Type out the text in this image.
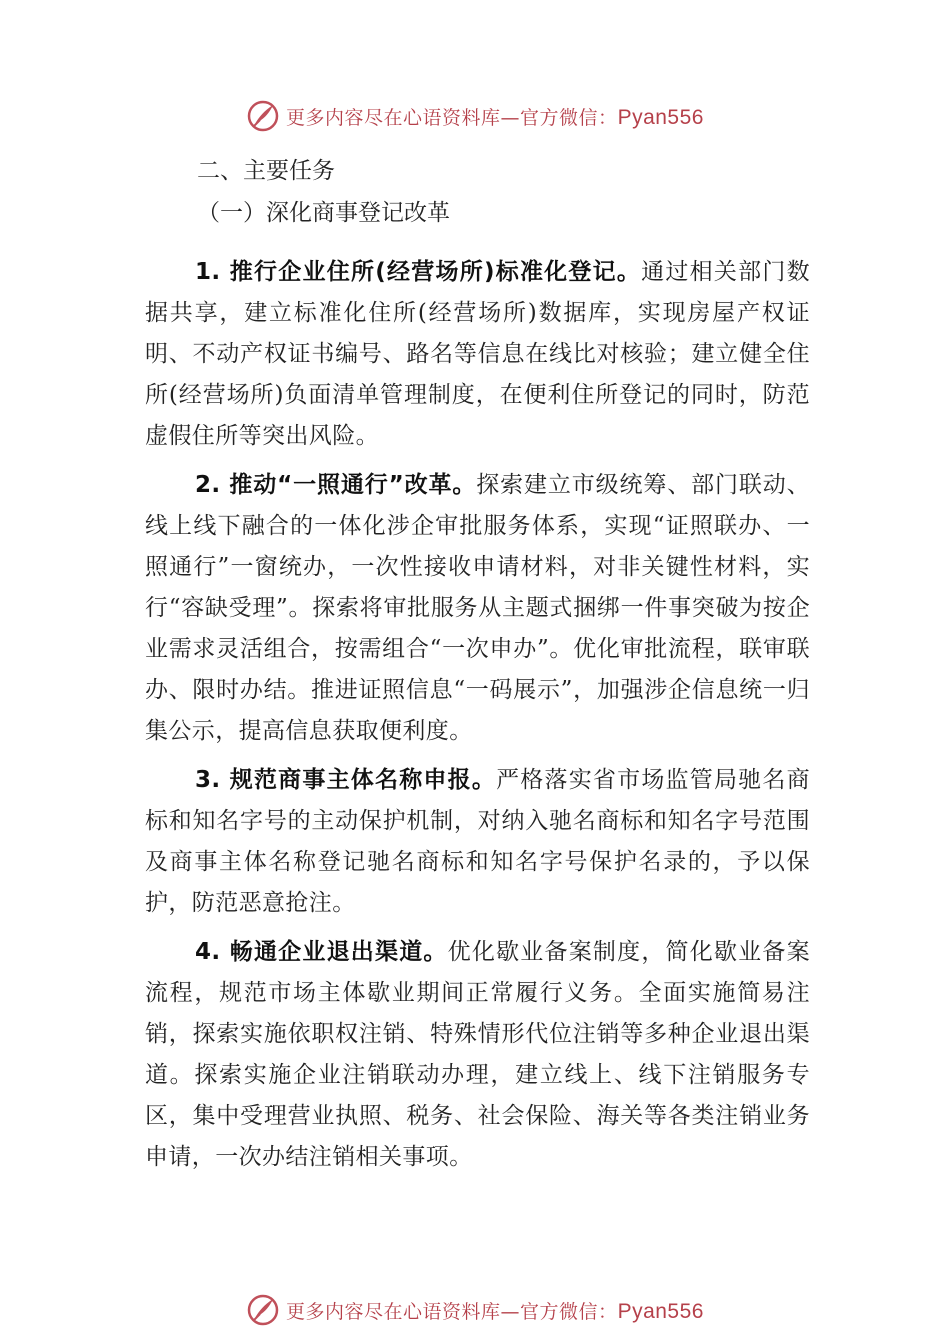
更多内容尽在心语资料库—官方微信：Pyan556

二、主要任务

（一）深化商事登记改革

1. 推行企业住所(经营场所)标准化登记。通过相关部门数据共享，建立标准化住所(经营场所)数据库，实现房屋产权证明、不动产权证书编号、路名等信息在线比对核验；建立健全住所(经营场所)负面清单管理制度，在便利住所登记的同时，防范虚假住所等突出风险。

2. 推动“一照通行”改革。探索建立市级统筹、部门联动、线上线下融合的一体化涉企审批服务体系，实现“证照联办、一照通行”一窗统办，一次性接收申请材料，对非关键性材料，实行“容缺受理”。探索将审批服务从主题式捆绑一件事突破为按企业需求灵活组合，按需组合“一次申办”。优化审批流程，联审联办、限时办结。推进证照信息“一码展示”，加强涉企信息统一归集公示，提高信息获取便利度。

3. 规范商事主体名称申报。严格落实省市场监管局驰名商标和知名字号的主动保护机制，对纳入驰名商标和知名字号范围及商事主体名称登记驰名商标和知名字号保护名录的，予以保护，防范恶意抢注。

4. 畅通企业退出渠道。优化歇业备案制度，简化歇业备案流程，规范市场主体歇业期间正常履行义务。全面实施简易注销，探索实施依职权注销、特殊情形代位注销等多种企业退出渠道。探索实施企业注销联动办理，建立线上、线下注销服务专区，集中受理营业执照、税务、社会保险、海关等各类注销业务申请，一次办结注销相关事项。

更多内容尽在心语资料库—官方微信：Pyan556
